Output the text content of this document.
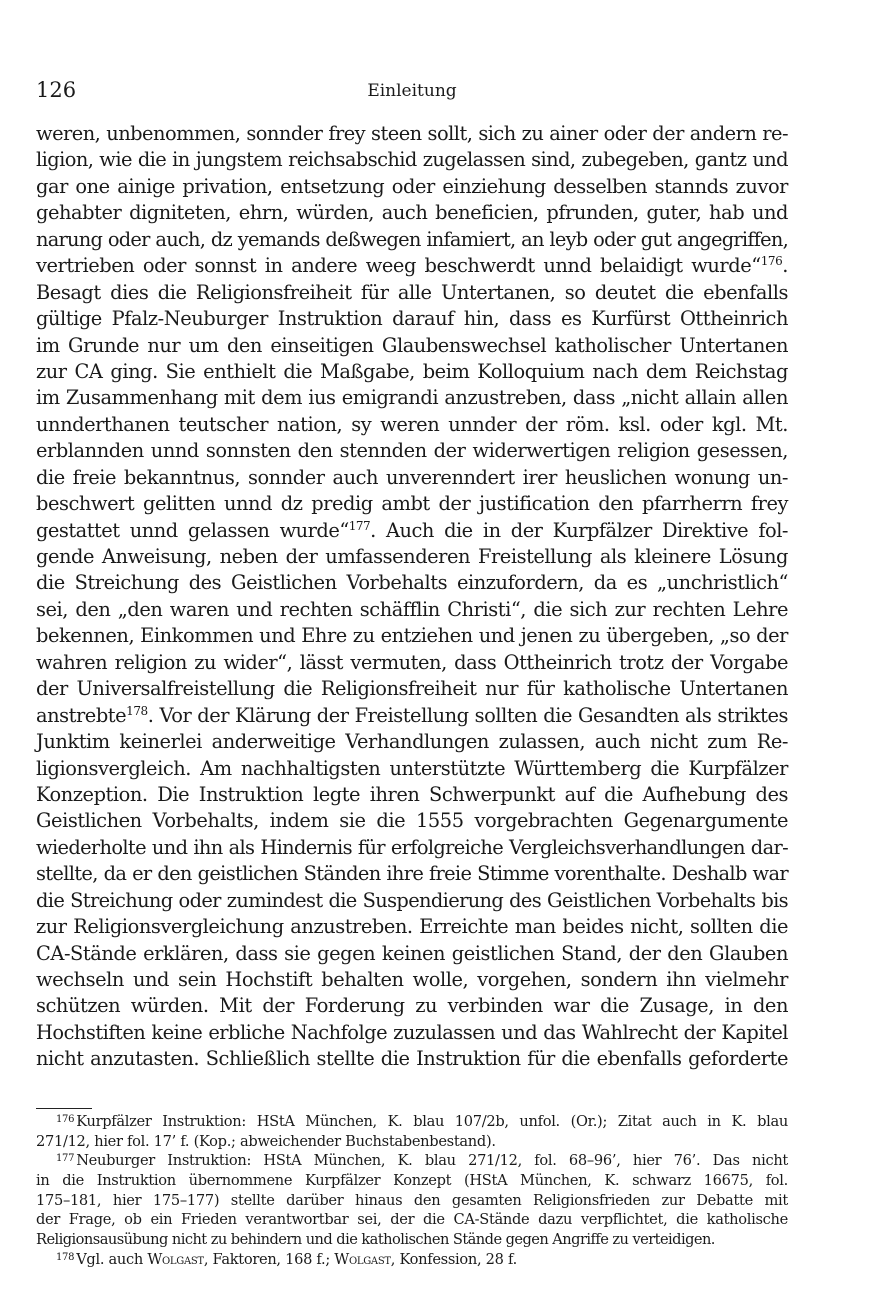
126	Einleitung
weren, unbenommen, sonnder frey steen sollt, sich zu ainer oder der andern re-
ligion, wie die in jungstem reichsabschid zugelassen sind, zubegeben, gantz und
gar one ainige privation, entsetzung oder einziehung desselben stannds zuvor
gehabter digniteten, ehrn, würden, auch beneficien, pfrunden, guter, hab und
narung oder auch, dz yemands deßwegen infamiert, an leyb oder gut angegriffen,
vertrieben oder sonnst in andere weeg beschwerdt unnd belaidigt wurde“$^{176}$.
Besagt dies die Religionsfreiheit für alle Untertanen, so deutet die ebenfalls
gültige Pfalz-Neuburger Instruktion darauf hin, dass es Kurfürst Ottheinrich
im Grunde nur um den einseitigen Glaubenswechsel katholischer Untertanen
zur CA ging. Sie enthielt die Maßgabe, beim Kolloquium nach dem Reichstag
im Zusammenhang mit dem ius emigrandi anzustreben, dass „nicht allain allen
unnderthanen teutscher nation, sy weren unnder der röm. ksl. oder kgl. Mt.
erblannden unnd sonnsten den stennden der widerwertigen religion gesessen,
die freie bekanntnus, sonnder auch unverenndert irer heuslichen wonung un-
beschwert gelitten unnd dz predig ambt der justification den pfarrherrn frey
gestattet unnd gelassen wurde“$^{177}$. Auch die in der Kurpfälzer Direktive fol-
gende Anweisung, neben der umfassenderen Freistellung als kleinere Lösung
die Streichung des Geistlichen Vorbehalts einzufordern, da es „unchristlich“
sei, den „den waren und rechten schäfflin Christi“, die sich zur rechten Lehre
bekennen, Einkommen und Ehre zu entziehen und jenen zu übergeben, „so der
wahren religion zu wider“, lässt vermuten, dass Ottheinrich trotz der Vorgabe
der Universalfreistellung die Religionsfreiheit nur für katholische Untertanen
anstrebte$^{178}$. Vor der Klärung der Freistellung sollten die Gesandten als striktes
Junktim keinerlei anderweitige Verhandlungen zulassen, auch nicht zum Re-
ligionsvergleich. Am nachhaltigsten unterstützte Württemberg die Kurpfälzer
Konzeption. Die Instruktion legte ihren Schwerpunkt auf die Aufhebung des
Geistlichen Vorbehalts, indem sie die 1555 vorgebrachten Gegenargumente
wiederholte und ihn als Hindernis für erfolgreiche Vergleichsverhandlungen dar-
stellte, da er den geistlichen Ständen ihre freie Stimme vorenthalte. Deshalb war
die Streichung oder zumindest die Suspendierung des Geistlichen Vorbehalts bis
zur Religionsvergleichung anzustreben. Erreichte man beides nicht, sollten die
CA-Stände erklären, dass sie gegen keinen geistlichen Stand, der den Glauben
wechseln und sein Hochstift behalten wolle, vorgehen, sondern ihn vielmehr
schützen würden. Mit der Forderung zu verbinden war die Zusage, in den
Hochstiften keine erbliche Nachfolge zuzulassen und das Wahlrecht der Kapitel
nicht anzutasten. Schließlich stellte die Instruktion für die ebenfalls geforderte
$^{176}$ Kurpfälzer Instruktion: HStA München, K. blau 107/2b, unfol. (Or.); Zitat auch in K. blau
271/12, hier fol. 17’ f. (Kop.; abweichender Buchstabenbestand).
$^{177}$ Neuburger Instruktion: HStA München, K. blau 271/12, fol. 68–96’, hier 76’. Das nicht
in die Instruktion übernommene Kurpfälzer Konzept (HStA München, K. schwarz 16675, fol.
175–181, hier 175–177) stellte darüber hinaus den gesamten Religionsfrieden zur Debatte mit
der Frage, ob ein Frieden verantwortbar sei, der die CA-Stände dazu verpflichtet, die katholische
Religionsausübung nicht zu behindern und die katholischen Stände gegen Angriffe zu verteidigen.
$^{178}$ Vgl. auch Wolgast, Faktoren, 168 f.; Wolgast, Konfession, 28 f.
